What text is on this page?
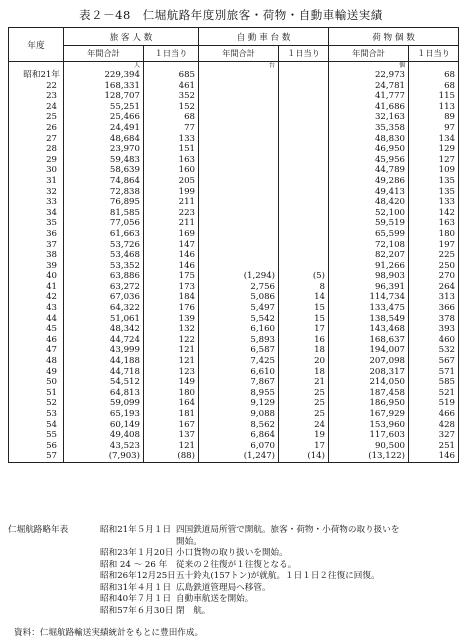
表２－48　仁堀航路年度別旅客・荷物・自動車輸送実績
年度	旅 客 人 数		自 動 車 台 数		荷 物 個 数	
	年間合計	１日当り	年間合計	１日当り	年間合計	１日当り
	人		台		個	
昭和21年	229,394	685			22,973	68
22	168,331	461			24,781	68
23	128,707	352			41,777	115
24	55,251	152			41,686	113
25	25,466	68			32,163	89
26	24,491	77			35,358	97
27	48,684	133			48,830	134
28	23,970	151			46,950	129
29	59,483	163			45,956	127
30	58,639	160			44,789	109
31	74,864	205			49,286	135
32	72,838	199			49,413	135
33	76,895	211			48,420	133
34	81,585	223			52,100	142
35	77,056	211			59,519	163
36	61,663	169			65,599	180
37	53,726	147			72,108	197
38	53,468	146			82,207	225
39	53,352	146			91,266	250
40	63,886	175	(1,294)	(5)	98,903	270
41	63,272	173	2,756	8	96,391	264
42	67,036	184	5,086	14	114,734	313
43	64,322	176	5,497	15	133,475	366
44	51,061	139	5,542	15	138,549	378
45	48,342	132	6,160	17	143,468	393
46	44,724	122	5,893	16	168,637	460
47	43,999	121	6,587	18	194,007	532
48	44,188	121	7,425	20	207,098	567
49	44,718	123	6,610	18	208,317	571
50	54,512	149	7,867	21	214,050	585
51	64,813	180	8,955	25	187,458	521
52	59,099	164	9,129	25	186,950	519
53	65,193	181	9,088	25	167,929	466
54	60,149	167	8,562	24	153,960	428
55	49,408	137	6,864	19	117,603	327
56	43,523	121	6,070	17	90,500	251
57	(7,903)	(88)	(1,247)	(14)	(13,122)	146
仁堀航路略年表	昭和21年５月１日 四国鉄道局所管で開航。旅客・荷物・小荷物の取り扱いを
開始。
昭和23年１月20日 小口貨物の取り扱いを開始。
昭和 24 ～ 26 年	従来の２往復が１往復となる。
昭和26年12月25日 五十鈴丸(157トン)が就航。１日１日２往復に回復。
昭和31年４月１日 広島鉄道管理局へ移管。
昭和40年７月１日 自動車航送を開始。
昭和57年６月30日 閉　航。
資料：仁堀航路輸送実績統計をもとに豊田作成。
